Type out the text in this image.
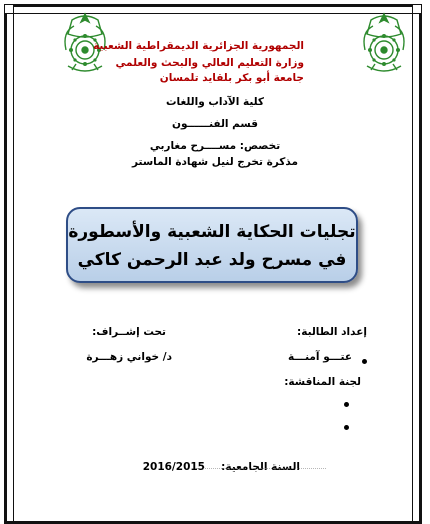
الجمهورية الجزائرية الديمقراطية الشعبية
وزارة التعليم العالي والبحث والعلمي
جامعة أبو بكر بلقايد تلمسان
كلية الآداب واللغات
قسم الفنــــــون
تخصص: مســــرح مغاربي
مذكرة تخرج لنيل شهادة الماستر
تجليات الحكاية الشعبية والأسطورة
في مسرح ولد عبد الرحمن كاكي
إعداد الطالبة:
عتـــو آمنـــة
تحت إشــراف:
د/ خواني زهـــرة
لجنة المناقشة:
السنة الجامعية:
2016/2015
